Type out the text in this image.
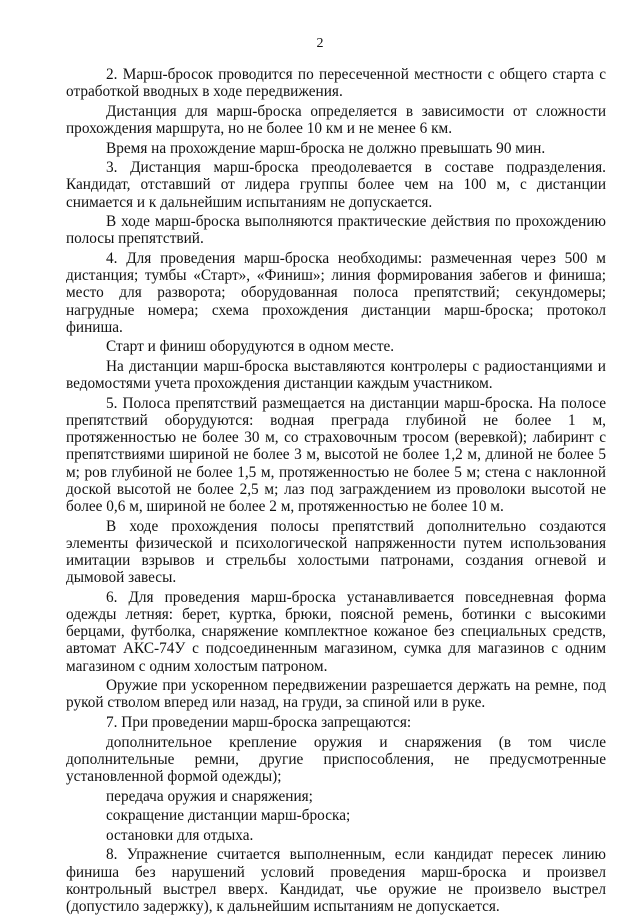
2

2. Марш-бросок проводится по пересеченной местности с общего старта с отработкой вводных в ходе передвижения.

Дистанция для марш-броска определяется в зависимости от сложности прохождения маршрута, но не более 10 км и не менее 6 км.

Время на прохождение марш-броска не должно превышать 90 мин.

3. Дистанция марш-броска преодолевается в составе подразделения. Кандидат, отставший от лидера группы более чем на 100 м, с дистанции снимается и к дальнейшим испытаниям не допускается.

В ходе марш-броска выполняются практические действия по прохождению полосы препятствий.

4. Для проведения марш-броска необходимы: размеченная через 500 м дистанция; тумбы «Старт», «Финиш»; линия формирования забегов и финиша; место для разворота; оборудованная полоса препятствий; секундомеры; нагрудные номера; схема прохождения дистанции марш-броска; протокол финиша.

Старт и финиш оборудуются в одном месте.

На дистанции марш-броска выставляются контролеры с радиостанциями и ведомостями учета прохождения дистанции каждым участником.

5. Полоса препятствий размещается на дистанции марш-броска. На полосе препятствий оборудуются: водная преграда глубиной не более 1 м, протяженностью не более 30 м, со страховочным тросом (веревкой); лабиринт с препятствиями шириной не более 3 м, высотой не более 1,2 м, длиной не более 5 м; ров глубиной не более 1,5 м, протяженностью не более 5 м; стена с наклонной доской высотой не более 2,5 м; лаз под заграждением из проволоки высотой не более 0,6 м, шириной не более 2 м, протяженностью не более 10 м.

В ходе прохождения полосы препятствий дополнительно создаются элементы физической и психологической напряженности путем использования имитации взрывов и стрельбы холостыми патронами, создания огневой и дымовой завесы.

6. Для проведения марш-броска устанавливается повседневная форма одежды летняя: берет, куртка, брюки, поясной ремень, ботинки с высокими берцами, футболка, снаряжение комплектное кожаное без специальных средств, автомат АКС-74У с подсоединенным магазином, сумка для магазинов с одним магазином с одним холостым патроном.

Оружие при ускоренном передвижении разрешается держать на ремне, под рукой стволом вперед или назад, на груди, за спиной или в руке.

7. При проведении марш-броска запрещаются:

дополнительное крепление оружия и снаряжения (в том числе дополнительные ремни, другие приспособления, не предусмотренные установленной формой одежды);

передача оружия и снаряжения;

сокращение дистанции марш-броска;

остановки для отдыха.

8. Упражнение считается выполненным, если кандидат пересек линию финиша без нарушений условий проведения марш-броска и произвел контрольный выстрел вверх. Кандидат, чье оружие не произвело выстрел (допустило задержку), к дальнейшим испытаниям не допускается.
